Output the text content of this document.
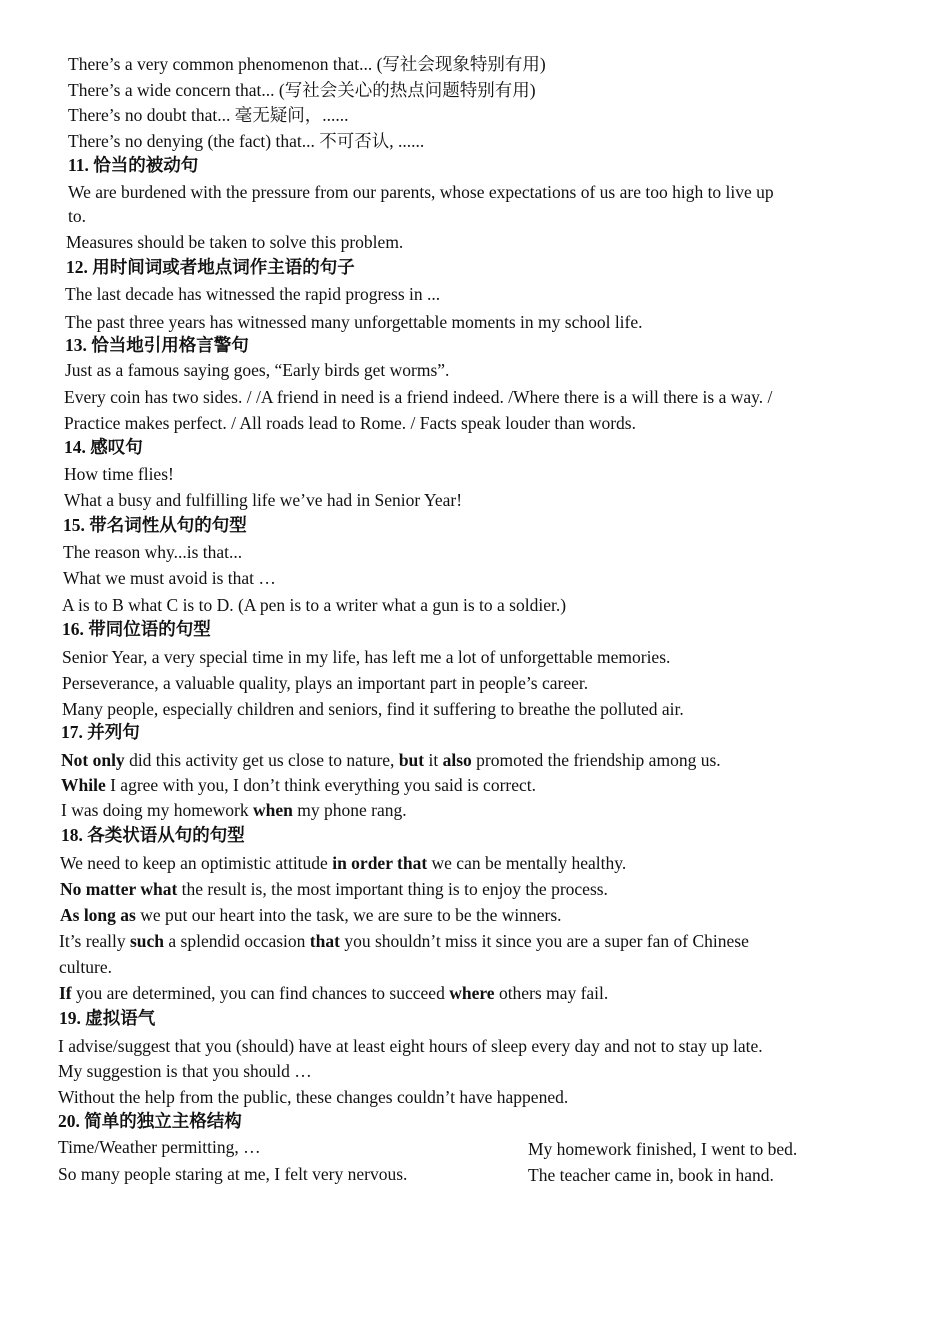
There’s a very common phenomenon that... (写社会现象特别有用)
There’s a wide concern that... (写社会关心的热点问题特别有用)
There’s no doubt that... 毫无疑问，......
There’s no denying (the fact) that... 不可否认, ......
11. 恰当的被动句
We are burdened with the pressure from our parents, whose expectations of us are too high to live up
to.
Measures should be taken to solve this problem.
12. 用时间词或者地点词作主语的句子
The last decade has witnessed the rapid progress in ...
The past three years has witnessed many unforgettable moments in my school life.
13. 恰当地引用格言警句
Just as a famous saying goes, “Early birds get worms”.
Every coin has two sides. / /A friend in need is a friend indeed. /Where there is a will there is a way. /
Practice makes perfect. / All roads lead to Rome. / Facts speak louder than words.
14. 感叹句
How time flies!
What a busy and fulfilling life we’ve had in Senior Year!
15. 带名词性从句的句型
The reason why...is that...
What we must avoid is that …
A is to B what C is to D. (A pen is to a writer what a gun is to a soldier.)
16. 带同位语的句型
Senior Year, a very special time in my life, has left me a lot of unforgettable memories.
Perseverance, a valuable quality, plays an important part in people’s career.
Many people, especially children and seniors, find it suffering to breathe the polluted air.
17. 并列句
Not only did this activity get us close to nature, but it also promoted the friendship among us.
While I agree with you, I don’t think everything you said is correct.
I was doing my homework when my phone rang.
18. 各类状语从句的句型
We need to keep an optimistic attitude in order that we can be mentally healthy.
No matter what the result is, the most important thing is to enjoy the process.
As long as we put our heart into the task, we are sure to be the winners.
It’s really such a splendid occasion that you shouldn’t miss it since you are a super fan of Chinese
culture.
If you are determined, you can find chances to succeed where others may fail.
19. 虚拟语气
I advise/suggest that you (should) have at least eight hours of sleep every day and not to stay up late.
My suggestion is that you should …
Without the help from the public, these changes couldn’t have happened.
20. 简单的独立主格结构
Time/Weather permitting, …
So many people staring at me, I felt very nervous.
My homework finished, I went to bed.
The teacher came in, book in hand.
